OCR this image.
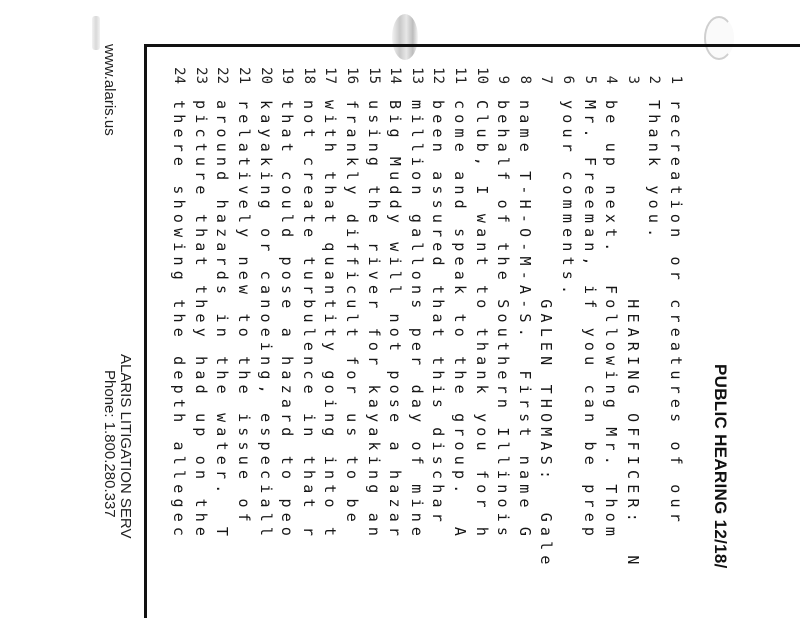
PUBLIC HEARING 12/18/
1
recreation or creatures of our
2
Thank you.
3
HEARING OFFICER:  N
4
be up next.  Following Mr. Thom
5
Mr. Freeman, if you can be prep
6
your comments.
7
GALEN THOMAS:  Gale
8
name T-H-O-M-A-S.  First name G
9
behalf of the Southern Illinois
10
Club, I want to thank you for h
11
come and speak to the group.  A
12
been assured that this dischar
13
million gallons per day of mine
14
Big Muddy will not pose a hazar
15
using the river for kayaking an
16
frankly difficult for us to be
17
with that quantity going into t
18
not create turbulence in that r
19
that could pose a hazard to peo
20
kayaking or canoeing, especiall
21
relatively new to the issue of
22
around hazards in the water.  T
23
picture that they had up on the
24
there showing the depth allegec
www.alaris.us
ALARIS LITIGATION SERV
Phone: 1.800.280.337
